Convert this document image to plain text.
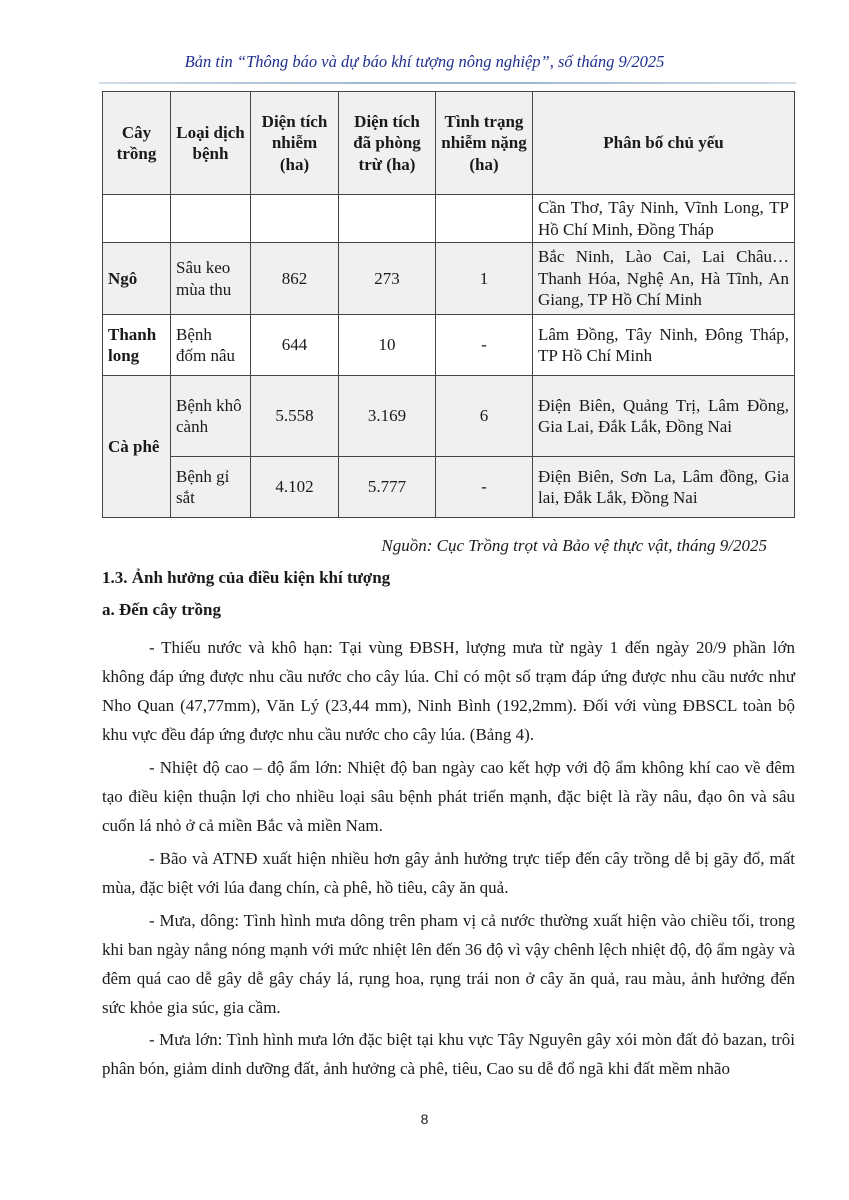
Bản tin “Thông báo và dự báo khí tượng nông nghiệp”, số tháng 9/2025
Cây trồng	Loại dịch bệnh	Diện tích nhiễm (ha)	Diện tích đã phòng trừ (ha)	Tình trạng nhiễm nặng (ha)	Phân bố chủ yếu
					Cần Thơ, Tây Ninh, Vĩnh Long, TP Hồ Chí Minh, Đồng Tháp
Ngô	Sâu keo mùa thu	862	273	1	Bắc Ninh, Lào Cai, Lai Châu…Thanh Hóa, Nghệ An, Hà Tĩnh, An Giang, TP Hồ Chí Minh
Thanh long	Bệnh đốm nâu	644	10	-	Lâm Đồng, Tây Ninh, Đông Tháp, TP Hồ Chí Minh
Cà phê	Bệnh khô cành	5.558	3.169	6	Điện Biên, Quảng Trị, Lâm Đồng, Gia Lai, Đắk Lắk, Đồng Nai
	Bệnh gỉ sắt	4.102	5.777	-	Điện Biên, Sơn La, Lâm đồng, Gia lai, Đắk Lắk, Đồng Nai
Nguồn: Cục Trồng trọt và Bảo vệ thực vật, tháng 9/2025
1.3. Ảnh hưởng của điều kiện khí tượng
a. Đến cây trồng

- Thiếu nước và khô hạn: Tại vùng ĐBSH, lượng mưa từ ngày 1 đến ngày 20/9 phần lớn không đáp ứng được nhu cầu nước cho cây lúa. Chỉ có một số trạm đáp ứng được nhu cầu nước như Nho Quan (47,77mm), Văn Lý (23,44 mm), Ninh Bình (192,2mm). Đối với vùng ĐBSCL toàn bộ khu vực đều đáp ứng được nhu cầu nước cho cây lúa. (Bảng 4).

- Nhiệt độ cao – độ ẩm lớn: Nhiệt độ ban ngày cao kết hợp với độ ẩm không khí cao về đêm tạo điều kiện thuận lợi cho nhiều loại sâu bệnh phát triển mạnh, đặc biệt là rầy nâu, đạo ôn và sâu cuốn lá nhỏ ở cả miền Bắc và miền Nam.

- Bão và ATNĐ xuất hiện nhiều hơn gây ảnh hưởng trực tiếp đến cây trồng dễ bị gãy đổ, mất mùa, đặc biệt với lúa đang chín, cà phê, hồ tiêu, cây ăn quả.

- Mưa, dông: Tình hình mưa dông trên pham vị cả nước thường xuất hiện vào chiều tối, trong khi ban ngày nắng nóng mạnh với mức nhiệt lên đến 36 độ vì vậy chênh lệch nhiệt độ, độ ẩm ngày và đêm quá cao dễ gây dễ gây cháy lá, rụng hoa, rụng trái non ở cây ăn quả, rau màu, ảnh hưởng đến sức khỏe gia súc, gia cầm.

- Mưa lớn: Tình hình mưa lớn đặc biệt tại khu vực Tây Nguyên gây xói mòn đất đỏ bazan, trôi phân bón, giảm dinh dưỡng đất, ảnh hưởng cà phê, tiêu, Cao su dễ đổ ngã khi đất mềm nhão

8
